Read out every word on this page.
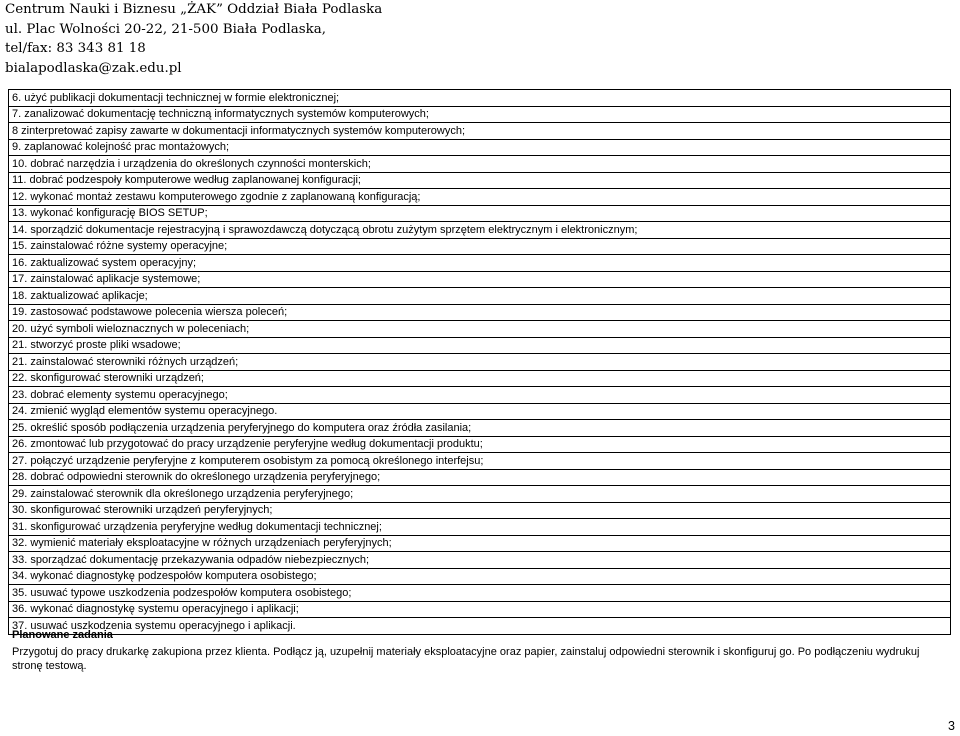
Centrum Nauki i Biznesu „ŻAK” Oddział Biała Podlaska
ul. Plac Wolności 20-22, 21-500 Biała Podlaska,
tel/fax: 83 343 81 18
bialapodlaska@zak.edu.pl
6. użyć publikacji dokumentacji technicznej w formie elektronicznej;
7. zanalizować dokumentację techniczną informatycznych systemów komputerowych;
8 zinterpretować zapisy zawarte w dokumentacji informatycznych systemów komputerowych;
9. zaplanować kolejność prac montażowych;
10. dobrać narzędzia i urządzenia do określonych czynności monterskich;
11. dobrać podzespoły komputerowe według zaplanowanej konfiguracji;
12. wykonać montaż zestawu komputerowego zgodnie z zaplanowaną konfiguracją;
13. wykonać konfigurację BIOS SETUP;
14. sporządzić dokumentacje rejestracyjną i sprawozdawczą dotyczącą obrotu zużytym sprzętem elektrycznym i elektronicznym;
15. zainstalować różne systemy operacyjne;
16. zaktualizować system operacyjny;
17. zainstalować aplikacje systemowe;
18. zaktualizować aplikacje;
19. zastosować podstawowe polecenia wiersza poleceń;
20. użyć symboli wieloznacznych w poleceniach;
21. stworzyć proste pliki wsadowe;
21. zainstalować sterowniki różnych urządzeń;
22. skonfigurować sterowniki urządzeń;
23. dobrać elementy systemu operacyjnego;
24. zmienić wygląd elementów systemu operacyjnego.
25. określić sposób podłączenia urządzenia peryferyjnego do komputera oraz źródła zasilania;
26. zmontować lub przygotować do pracy urządzenie peryferyjne według dokumentacji produktu;
27. połączyć urządzenie peryferyjne z komputerem osobistym za pomocą określonego interfejsu;
28. dobrać odpowiedni sterownik do określonego urządzenia peryferyjnego;
29. zainstalować sterownik dla określonego urządzenia peryferyjnego;
30. skonfigurować sterowniki urządzeń peryferyjnych;
31. skonfigurować urządzenia peryferyjne według dokumentacji technicznej;
32. wymienić materiały eksploatacyjne w różnych urządzeniach peryferyjnych;
33. sporządzać dokumentację przekazywania odpadów niebezpiecznych;
34. wykonać diagnostykę podzespołów komputera osobistego;
35. usuwać typowe uszkodzenia podzespołów komputera osobistego;
36. wykonać diagnostykę systemu operacyjnego i aplikacji;
37. usuwać uszkodzenia systemu operacyjnego i aplikacji.
Planowane zadania
Przygotuj do pracy drukarkę zakupiona przez klienta. Podłącz ją, uzupełnij materiały eksploatacyjne oraz papier, zainstaluj odpowiedni sterownik i skonfiguruj go. Po podłączeniu wydrukuj stronę testową.
3
